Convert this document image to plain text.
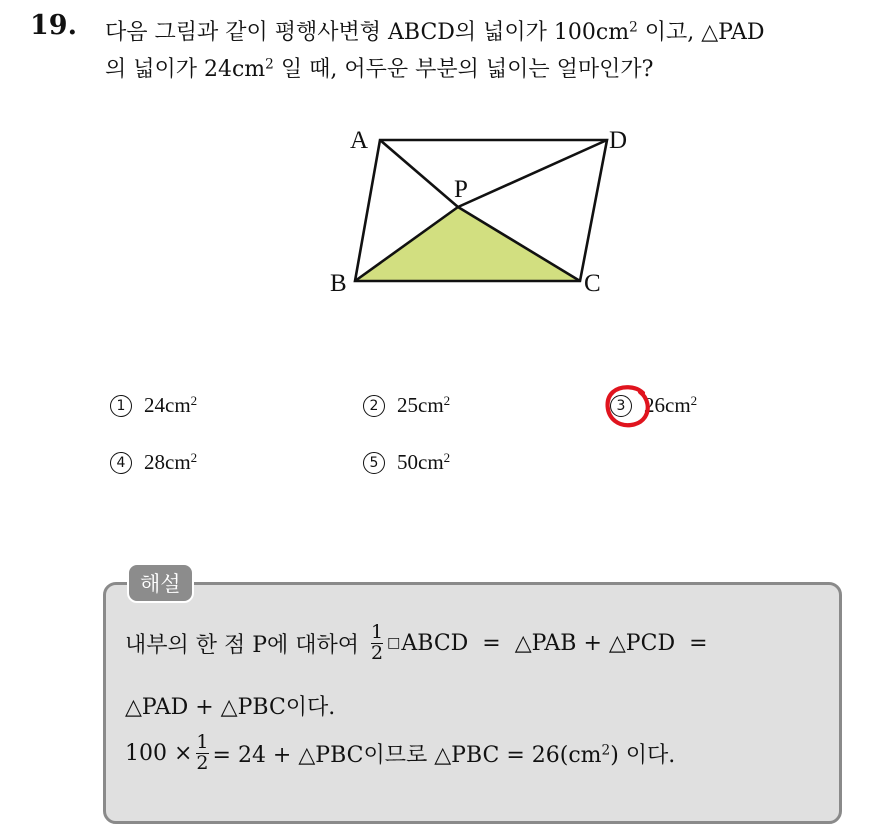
19. 다음 그림과 같이 평행사변형 ABCD의 넓이가 $100cm^2$ 이고, △PAD
의 넓이가 $24cm^2$ 일 때, 어두운 부분의 넓이는 얼마인가?
A	D
P
B	C
1 $24cm^2$	2 $25cm^2$	3 $26cm^2$
4 $28cm^2$	5 $50cm^2$
해설
내부의 한 점 P에 대하여 $\frac{1}{2}$ □ ABCD  =  △PAB + △PCD  =
△PAD + △PBC이다.
$100 \times \frac{1}{2} = 24$ + △PBC이므로 △PBC = $26(cm^2)$ 이다.
